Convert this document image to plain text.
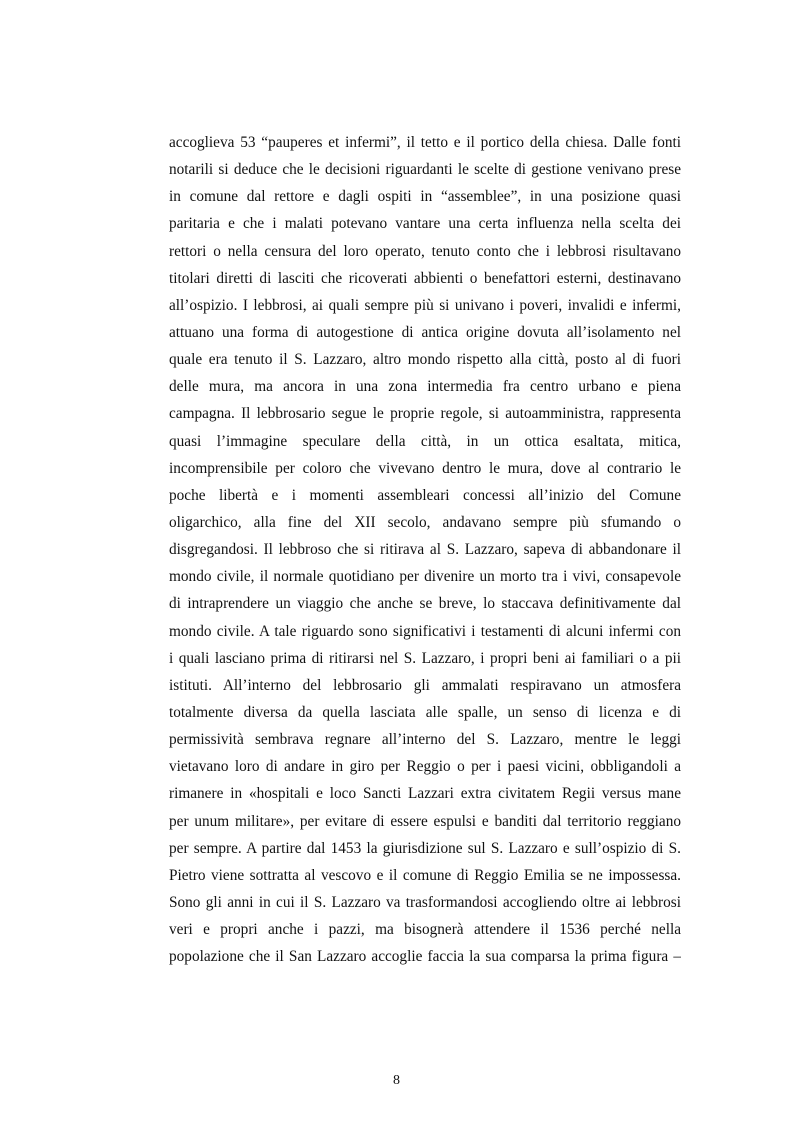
accoglieva 53 “pauperes et infermi”, il tetto e il portico della chiesa. Dalle fonti
notarili si deduce che le decisioni riguardanti le scelte di gestione venivano prese
in comune dal rettore e dagli ospiti in “assemblee”, in una posizione quasi
paritaria e che i malati potevano vantare una certa influenza nella scelta dei
rettori o nella censura del loro operato, tenuto conto che i lebbrosi risultavano
titolari diretti di lasciti che ricoverati abbienti o benefattori esterni, destinavano
all’ospizio. I lebbrosi, ai quali sempre più si univano i poveri, invalidi e infermi,
attuano una forma di autogestione di antica origine dovuta all’isolamento nel
quale era tenuto il S. Lazzaro, altro mondo rispetto alla città, posto al di fuori
delle mura, ma ancora in una zona intermedia fra centro urbano e piena
campagna. Il lebbrosario segue le proprie regole, si autoamministra, rappresenta
quasi l’immagine speculare della città, in un ottica esaltata, mitica,
incomprensibile per coloro che vivevano dentro le mura, dove al contrario le
poche libertà e i momenti assembleari concessi all’inizio del Comune
oligarchico, alla fine del XII secolo, andavano sempre più sfumando o
disgregandosi. Il lebbroso che si ritirava al S. Lazzaro, sapeva di abbandonare il
mondo civile, il normale quotidiano per divenire un morto tra i vivi, consapevole
di intraprendere un viaggio che anche se breve, lo staccava definitivamente dal
mondo civile. A tale riguardo sono significativi i testamenti di alcuni infermi con
i quali lasciano prima di ritirarsi nel S. Lazzaro, i propri beni ai familiari o a pii
istituti. All’interno del lebbrosario gli ammalati respiravano un atmosfera
totalmente diversa da quella lasciata alle spalle, un senso di licenza e di
permissività sembrava regnare all’interno del S. Lazzaro, mentre le leggi
vietavano loro di andare in giro per Reggio o per i paesi vicini, obbligandoli a
rimanere in «hospitali e loco Sancti Lazzari extra civitatem Regii versus mane
per unum militare», per evitare di essere espulsi e banditi dal territorio reggiano
per sempre. A partire dal 1453 la giurisdizione sul S. Lazzaro e sull’ospizio di S.
Pietro viene sottratta al vescovo e il comune di Reggio Emilia se ne impossessa.
Sono gli anni in cui il S. Lazzaro va trasformandosi accogliendo oltre ai lebbrosi
veri e propri anche i pazzi, ma bisognerà attendere il 1536 perché nella
popolazione che il San Lazzaro accoglie faccia la sua comparsa la prima figura –
8
